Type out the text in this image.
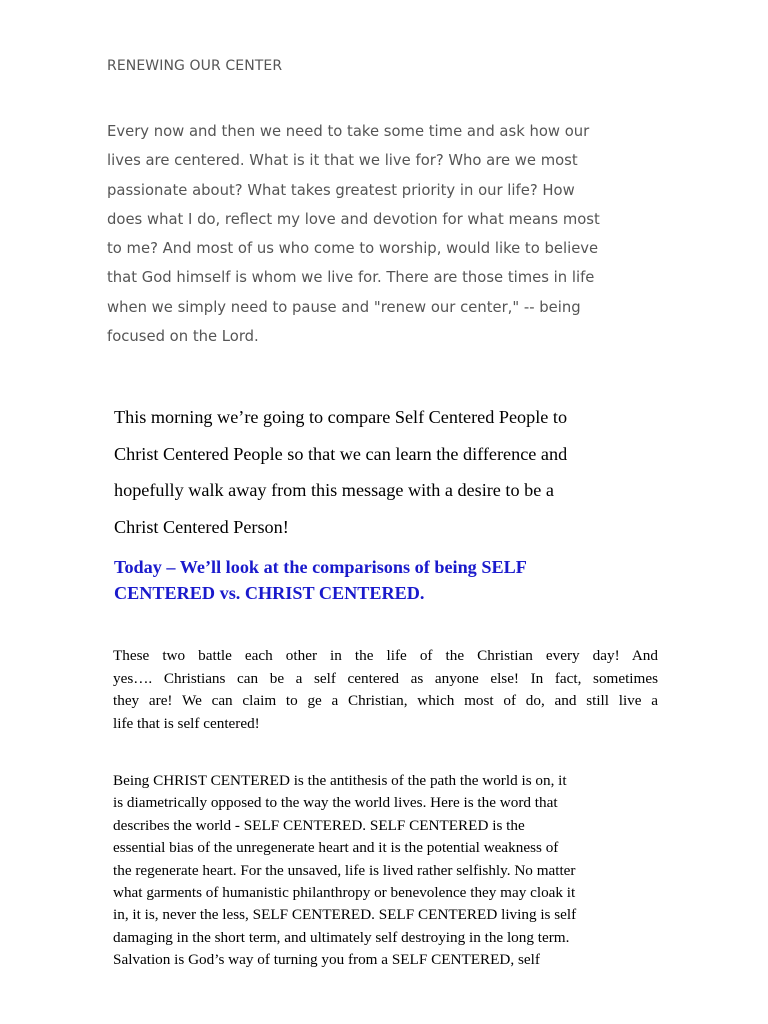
RENEWING OUR CENTER
Every now and then we need to take some time and ask how our
lives are centered. What is it that we live for? Who are we most
passionate about? What takes greatest priority in our life? How
does what I do, reflect my love and devotion for what means most
to me? And most of us who come to worship, would like to believe
that God himself is whom we live for. There are those times in life
when we simply need to pause and "renew our center," -- being
focused on the Lord.
This morning we’re going to compare Self Centered People to
Christ Centered People so that we can learn the difference and
hopefully walk away from this message with a desire to be a
Christ Centered Person!
Today – We’ll look at the comparisons of being SELF
CENTERED vs. CHRIST CENTERED.
These two battle each other in the life of the Christian every day! And
yes…. Christians can be a self centered as anyone else! In fact, sometimes
they are! We can claim to ge a Christian, which most of do, and still live a
life that is self centered!
Being CHRIST CENTERED is the antithesis of the path the world is on, it
is diametrically opposed to the way the world lives. Here is the word that
describes the world - SELF CENTERED. SELF CENTERED is the
essential bias of the unregenerate heart and it is the potential weakness of
the regenerate heart. For the unsaved, life is lived rather selfishly. No matter
what garments of humanistic philanthropy or benevolence they may cloak it
in, it is, never the less, SELF CENTERED. SELF CENTERED living is self
damaging in the short term, and ultimately self destroying in the long term.
Salvation is God’s way of turning you from a SELF CENTERED, self
